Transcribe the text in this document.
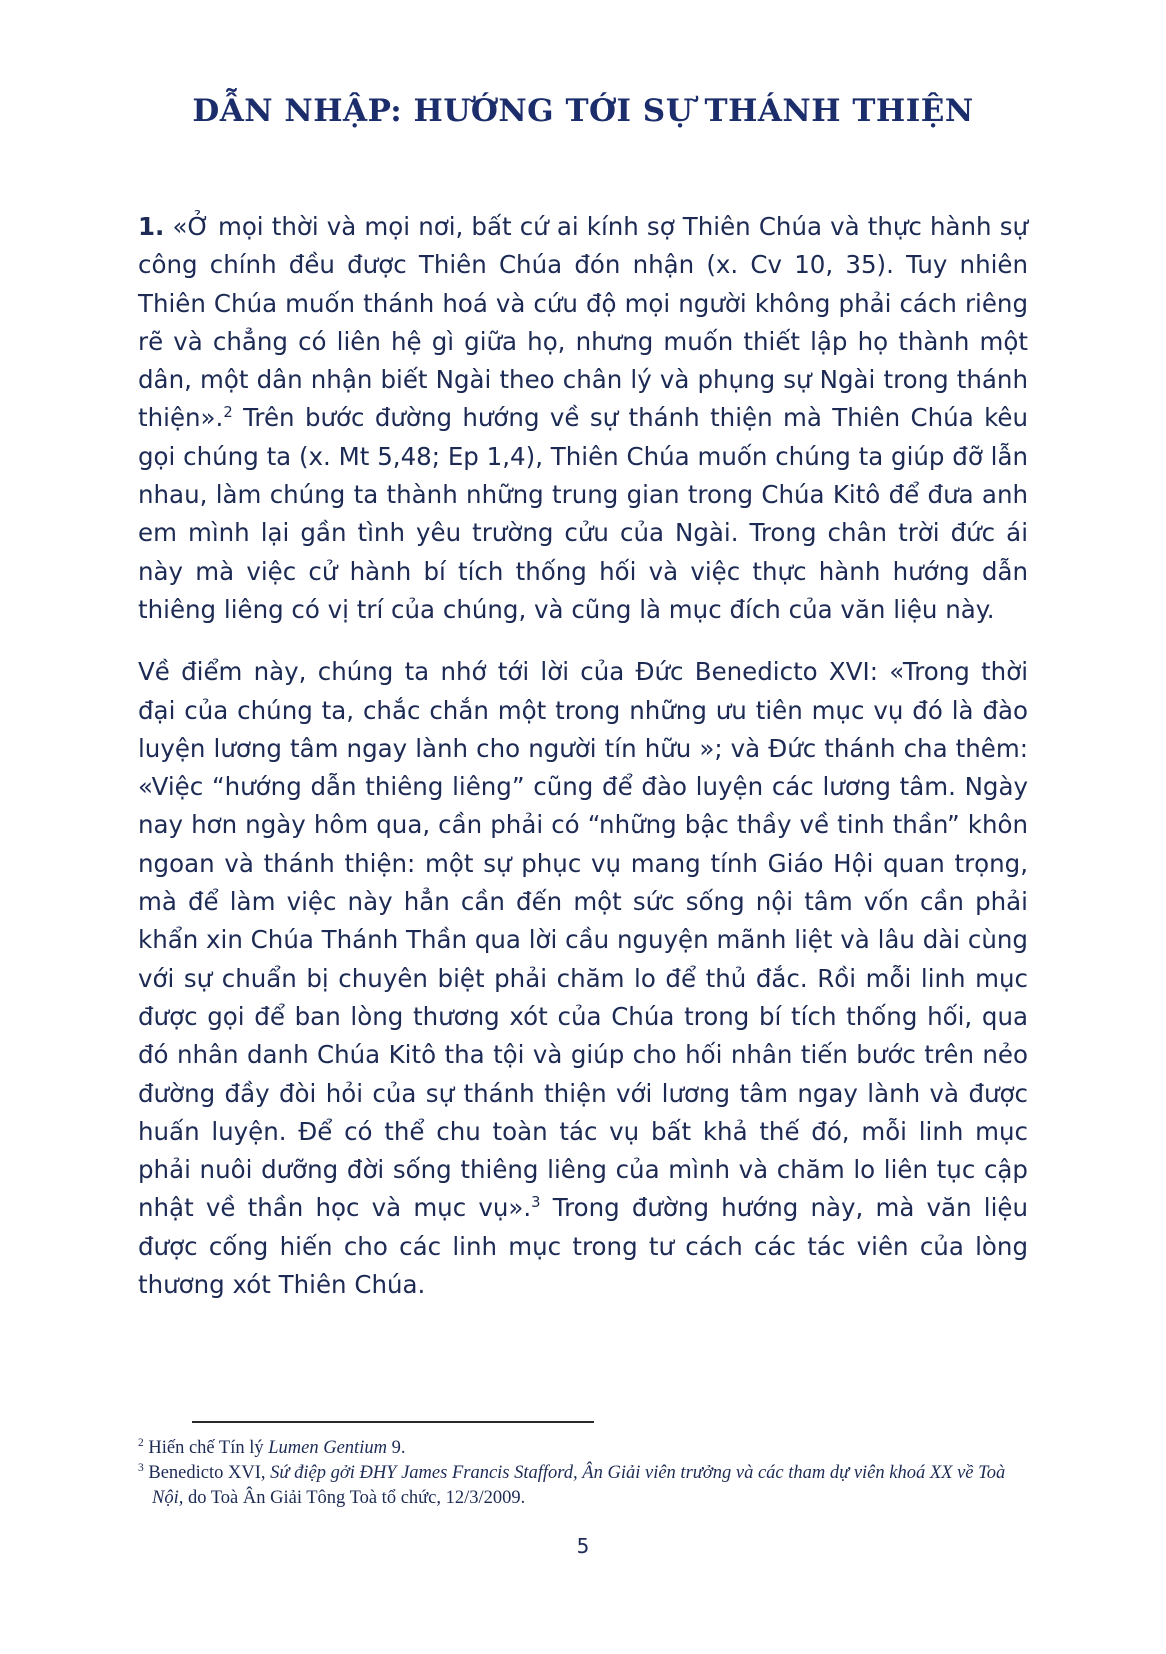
DẪN NHẬP: HƯỚNG TỚI SỰ THÁNH THIỆN

1. «Ở mọi thời và mọi nơi, bất cứ ai kính sợ Thiên Chúa và thực hành sự công chính đều được Thiên Chúa đón nhận (x. Cv 10, 35). Tuy nhiên Thiên Chúa muốn thánh hoá và cứu độ mọi người không phải cách riêng rẽ và chẳng có liên hệ gì giữa họ, nhưng muốn thiết lập họ thành một dân, một dân nhận biết Ngài theo chân lý và phụng sự Ngài trong thánh thiện».$^2$ Trên bước đường hướng về sự thánh thiện mà Thiên Chúa kêu gọi chúng ta (x. Mt 5,48; Ep 1,4), Thiên Chúa muốn chúng ta giúp đỡ lẫn nhau, làm chúng ta thành những trung gian trong Chúa Kitô để đưa anh em mình lại gần tình yêu trường cửu của Ngài. Trong chân trời đức ái này mà việc cử hành bí tích thống hối và việc thực hành hướng dẫn thiêng liêng có vị trí của chúng, và cũng là mục đích của văn liệu này.

Về điểm này, chúng ta nhớ tới lời của Đức Benedicto XVI: «Trong thời đại của chúng ta, chắc chắn một trong những ưu tiên mục vụ đó là đào luyện lương tâm ngay lành cho người tín hữu »; và Đức thánh cha thêm: «Việc “hướng dẫn thiêng liêng” cũng để đào luyện các lương tâm. Ngày nay hơn ngày hôm qua, cần phải có “những bậc thầy về tinh thần” khôn ngoan và thánh thiện: một sự phục vụ mang tính Giáo Hội quan trọng, mà để làm việc này hẳn cần đến một sức sống nội tâm vốn cần phải khẩn xin Chúa Thánh Thần qua lời cầu nguyện mãnh liệt và lâu dài cùng với sự chuẩn bị chuyên biệt phải chăm lo để thủ đắc. Rồi mỗi linh mục được gọi để ban lòng thương xót của Chúa trong bí tích thống hối, qua đó nhân danh Chúa Kitô tha tội và giúp cho hối nhân tiến bước trên nẻo đường đầy đòi hỏi của sự thánh thiện với lương tâm ngay lành và được huấn luyện. Để có thể chu toàn tác vụ bất khả thế đó, mỗi linh mục phải nuôi dưỡng đời sống thiêng liêng của mình và chăm lo liên tục cập nhật về thần học và mục vụ».$^3$ Trong đường hướng này, mà văn liệu được cống hiến cho các linh mục trong tư cách các tác viên của lòng thương xót Thiên Chúa.

$^2$ Hiến chế Tín lý Lumen Gentium 9.

$^3$ Benedicto XVI, Sứ điệp gởi ĐHY James Francis Stafford, Ân Giải viên trưởng và các tham dự viên khoá XX về Toà Nội, do Toà Ân Giải Tông Toà tổ chức, 12/3/2009.

5
